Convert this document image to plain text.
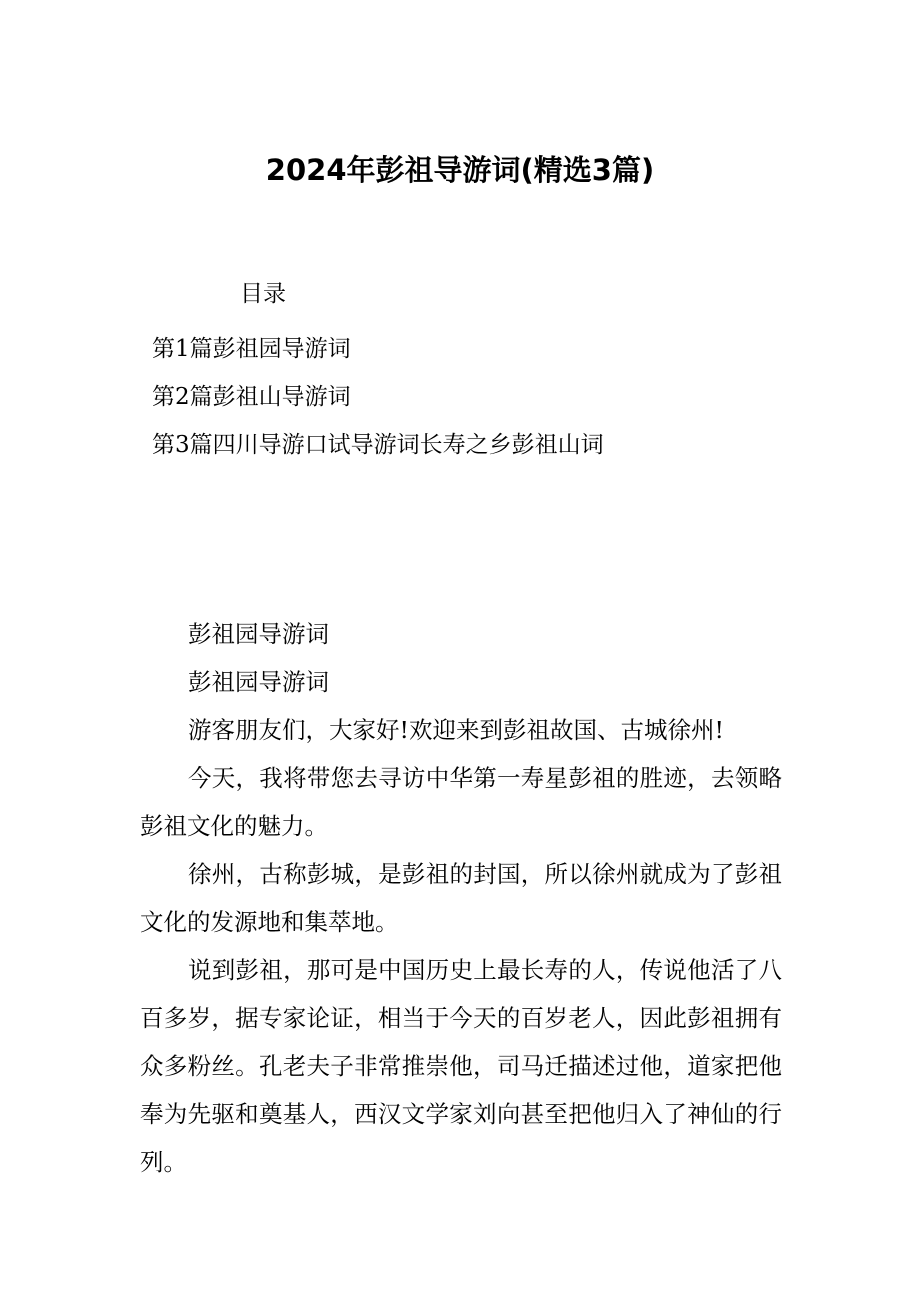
2024年彭祖导游词(精选3篇)
目录
第1篇彭祖园导游词
第2篇彭祖山导游词
第3篇四川导游口试导游词长寿之乡彭祖山词

彭祖园导游词

彭祖园导游词

游客朋友们，大家好!欢迎来到彭祖故国、古城徐州!

今天，我将带您去寻访中华第一寿星彭祖的胜迹，去领略彭祖文化的魅力。

徐州，古称彭城，是彭祖的封国，所以徐州就成为了彭祖文化的发源地和集萃地。

说到彭祖，那可是中国历史上最长寿的人，传说他活了八百多岁，据专家论证，相当于今天的百岁老人，因此彭祖拥有众多粉丝。孔老夫子非常推崇他，司马迁描述过他，道家把他奉为先驱和奠基人，西汉文学家刘向甚至把他归入了神仙的行列。
